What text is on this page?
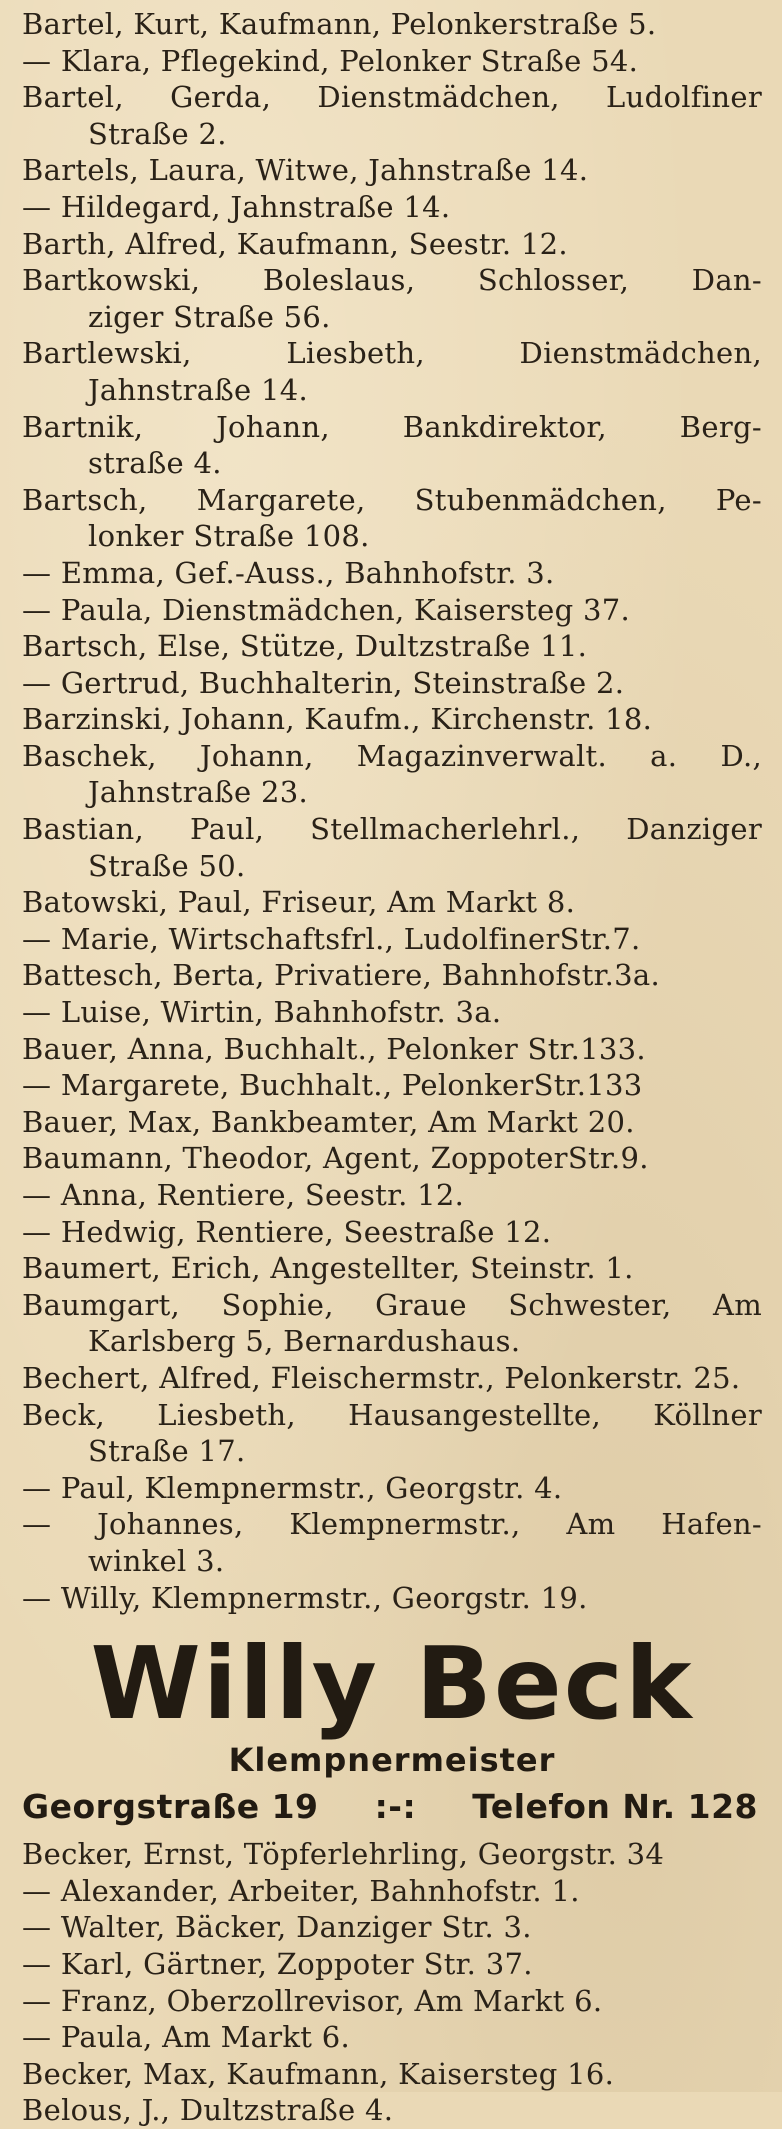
Bartel, Kurt, Kaufmann, Pelonkerstraße 5.
— Klara, Pflegekind, Pelonker Straße 54.
Bartel, Gerda, Dienstmädchen, Ludolfiner
Straße 2.
Bartels, Laura, Witwe, Jahnstraße 14.
— Hildegard, Jahnstraße 14.
Barth, Alfred, Kaufmann, Seestr. 12.
Bartkowski, Boleslaus, Schlosser, Dan-
ziger Straße 56.
Bartlewski, Liesbeth, Dienstmädchen,
Jahnstraße 14.
Bartnik, Johann, Bankdirektor, Berg-
straße 4.
Bartsch, Margarete, Stubenmädchen, Pe-
lonker Straße 108.
— Emma, Gef.-Auss., Bahnhofstr. 3.
— Paula, Dienstmädchen, Kaisersteg 37.
Bartsch, Else, Stütze, Dultzstraße 11.
— Gertrud, Buchhalterin, Steinstraße 2.
Barzinski, Johann, Kaufm., Kirchenstr. 18.
Baschek, Johann, Magazinverwalt. a. D.,
Jahnstraße 23.
Bastian, Paul, Stellmacherlehrl., Danziger
Straße 50.
Batowski, Paul, Friseur, Am Markt 8.
— Marie, Wirtschaftsfrl., LudolfinerStr.7.
Battesch, Berta, Privatiere, Bahnhofstr.3a.
— Luise, Wirtin, Bahnhofstr. 3a.
Bauer, Anna, Buchhalt., Pelonker Str.133.
— Margarete, Buchhalt., PelonkerStr.133
Bauer, Max, Bankbeamter, Am Markt 20.
Baumann, Theodor, Agent, ZoppoterStr.9.
— Anna, Rentiere, Seestr. 12.
— Hedwig, Rentiere, Seestraße 12.
Baumert, Erich, Angestellter, Steinstr. 1.
Baumgart, Sophie, Graue Schwester, Am
Karlsberg 5, Bernardushaus.
Bechert, Alfred, Fleischermstr., Pelonkerstr. 25.
Beck, Liesbeth, Hausangestellte, Köllner
Straße 17.
— Paul, Klempnermstr., Georgstr. 4.
— Johannes, Klempnermstr., Am Hafen-
winkel 3.
— Willy, Klempnermstr., Georgstr. 19.
Willy Beck
Klempnermeister
Georgstraße 19 :-: Telefon Nr. 128
Becker, Ernst, Töpferlehrling, Georgstr. 34
— Alexander, Arbeiter, Bahnhofstr. 1.
— Walter, Bäcker, Danziger Str. 3.
— Karl, Gärtner, Zoppoter Str. 37.
— Franz, Oberzollrevisor, Am Markt 6.
— Paula, Am Markt 6.
Becker, Max, Kaufmann, Kaisersteg 16.
Belous, J., Dultzstraße 4.
